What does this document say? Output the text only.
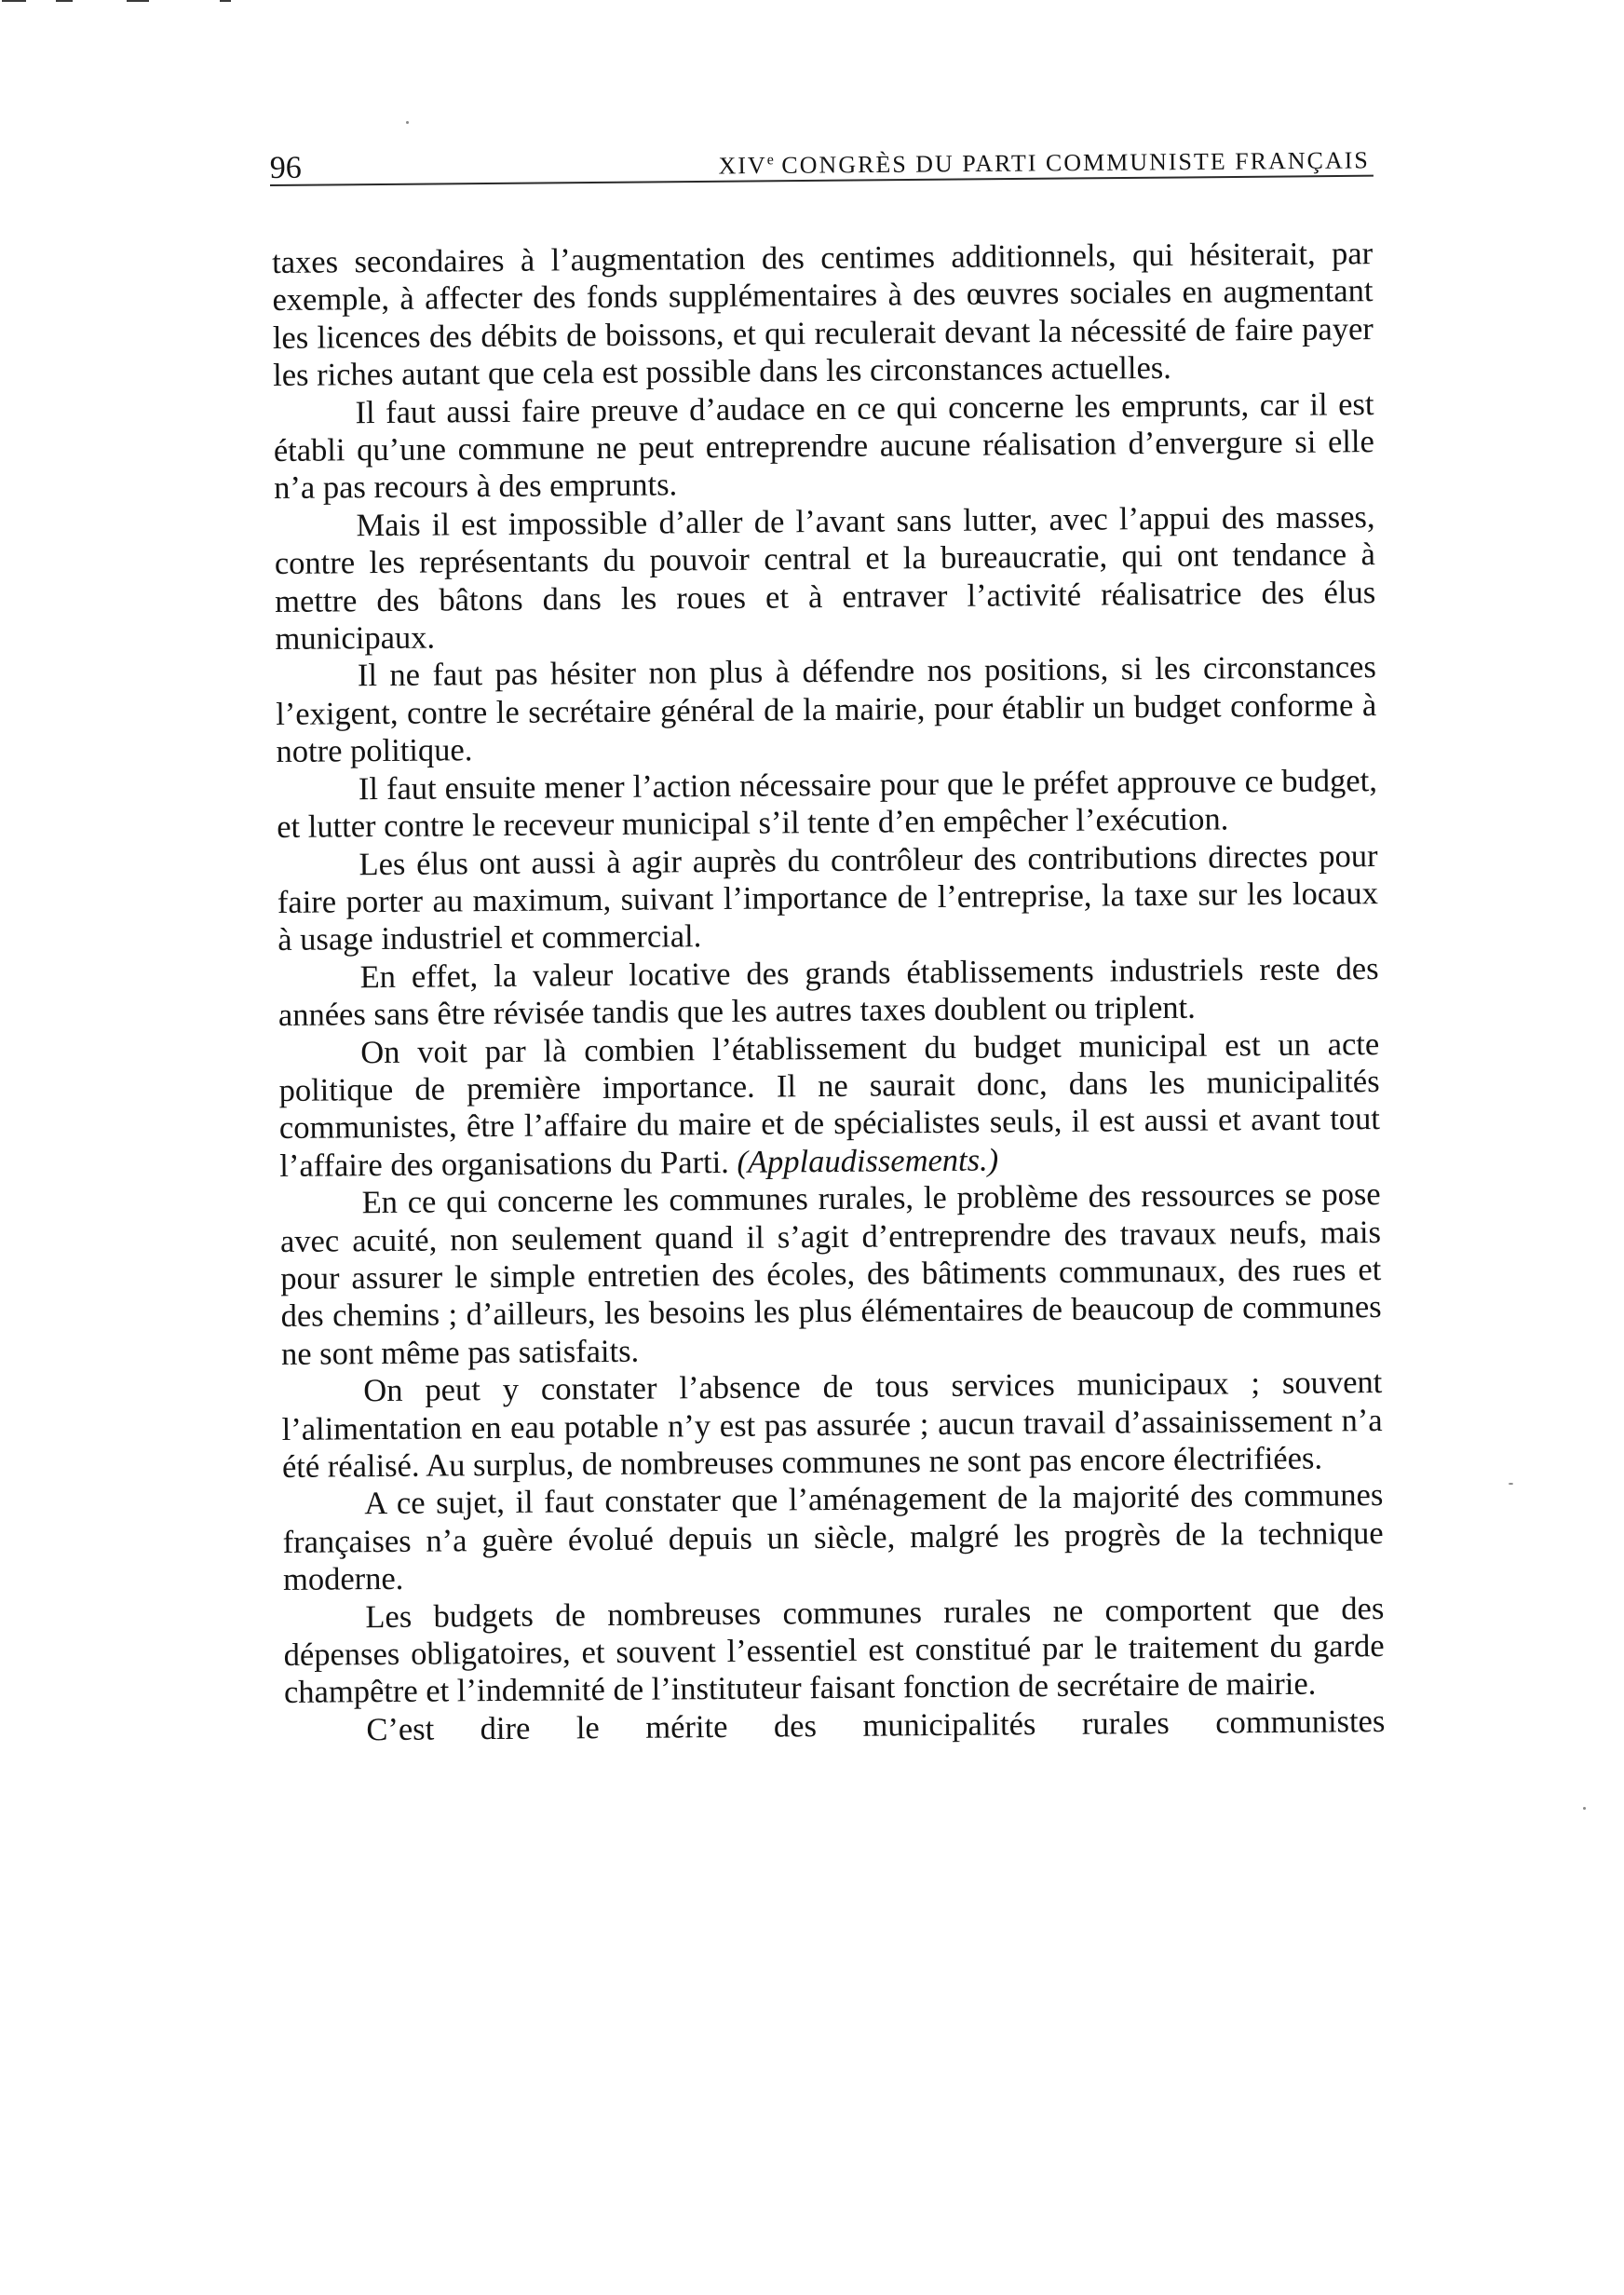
96	XIVe CONGRÈS DU PARTI COMMUNISTE FRANÇAIS

taxes secondaires à l’augmentation des centimes additionnels, qui hésiterait, par exemple, à affecter des fonds supplémentaires à des œuvres sociales en augmentant les licences des débits de boissons, et qui reculerait devant la nécessité de faire payer les riches autant que cela est possible dans les circonstances actuelles.

Il faut aussi faire preuve d’audace en ce qui concerne les emprunts, car il est établi qu’une commune ne peut entreprendre aucune réalisation d’envergure si elle n’a pas recours à des emprunts.

Mais il est impossible d’aller de l’avant sans lutter, avec l’appui des masses, contre les représentants du pouvoir central et la bureaucratie, qui ont tendance à mettre des bâtons dans les roues et à entraver l’activité réalisatrice des élus municipaux.

Il ne faut pas hésiter non plus à défendre nos positions, si les circonstances l’exigent, contre le secrétaire général de la mairie, pour établir un budget conforme à notre politique.

Il faut ensuite mener l’action nécessaire pour que le préfet approuve ce budget, et lutter contre le receveur municipal s’il tente d’en empêcher l’exécution.

Les élus ont aussi à agir auprès du contrôleur des contributions directes pour faire porter au maximum, suivant l’importance de l’entreprise, la taxe sur les locaux à usage industriel et commercial.

En effet, la valeur locative des grands établissements industriels reste des années sans être révisée tandis que les autres taxes doublent ou triplent.

On voit par là combien l’établissement du budget municipal est un acte politique de première importance. Il ne saurait donc, dans les municipalités communistes, être l’affaire du maire et de spécialistes seuls, il est aussi et avant tout l’affaire des organisations du Parti. (Applaudissements.)

En ce qui concerne les communes rurales, le problème des ressources se pose avec acuité, non seulement quand il s’agit d’entreprendre des travaux neufs, mais pour assurer le simple entretien des écoles, des bâtiments communaux, des rues et des chemins ; d’ailleurs, les besoins les plus élémentaires de beaucoup de communes ne sont même pas satisfaits.

On peut y constater l’absence de tous services municipaux ; souvent l’alimentation en eau potable n’y est pas assurée ; aucun travail d’assainissement n’a été réalisé. Au surplus, de nombreuses communes ne sont pas encore électrifiées.

A ce sujet, il faut constater que l’aménagement de la majorité des communes françaises n’a guère évolué depuis un siècle, malgré les progrès de la technique moderne.

Les budgets de nombreuses communes rurales ne comportent que des dépenses obligatoires, et souvent l’essentiel est constitué par le traitement du garde champêtre et l’indemnité de l’instituteur faisant fonction de secrétaire de mairie.

C’est dire le mérite des municipalités rurales communistes
